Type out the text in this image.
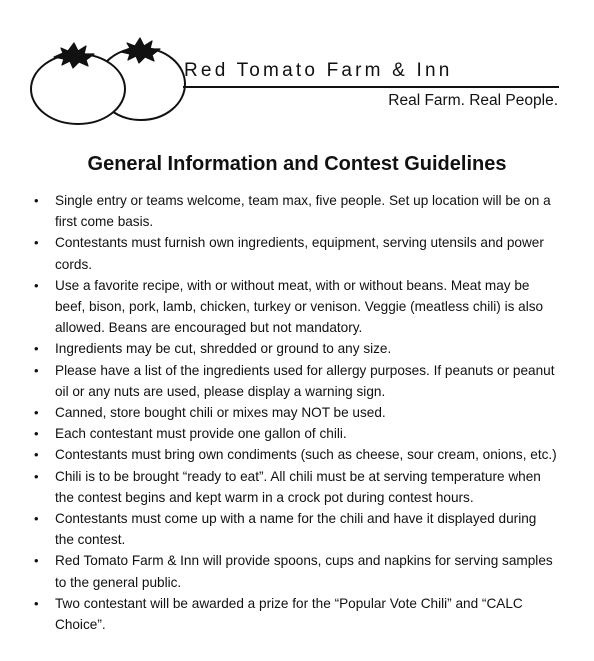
Red Tomato Farm & Inn
Real Farm. Real People.
General Information and Contest Guidelines
• Single entry or teams welcome, team max, five people. Set up location will be on a first come basis.
• Contestants must furnish own ingredients, equipment, serving utensils and power cords.
• Use a favorite recipe, with or without meat, with or without beans. Meat may be beef, bison, pork, lamb, chicken, turkey or venison. Veggie (meatless chili) is also allowed. Beans are encouraged but not mandatory.
• Ingredients may be cut, shredded or ground to any size.
• Please have a list of the ingredients used for allergy purposes. If peanuts or peanut oil or any nuts are used, please display a warning sign.
• Canned, store bought chili or mixes may NOT be used.
• Each contestant must provide one gallon of chili.
• Contestants must bring own condiments (such as cheese, sour cream, onions, etc.)
• Chili is to be brought “ready to eat”. All chili must be at serving temperature when the contest begins and kept warm in a crock pot during contest hours.
• Contestants must come up with a name for the chili and have it displayed during the contest.
• Red Tomato Farm & Inn will provide spoons, cups and napkins for serving samples to the general public.
• Two contestant will be awarded a prize for the “Popular Vote Chili” and “CALC Choice”.
